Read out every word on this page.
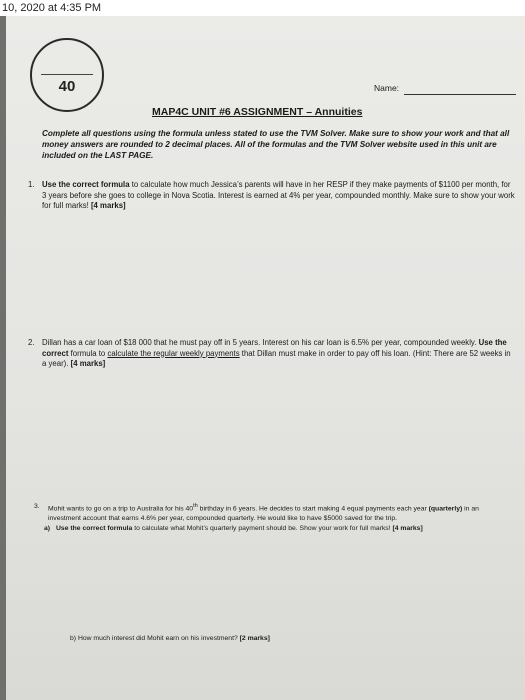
10, 2020 at 4:35 PM
40	Name:
MAP4C UNIT #6 ASSIGNMENT – Annuities
Complete all questions using the formula unless stated to use the TVM Solver. Make sure to show your work and that all money answers are rounded to 2 decimal places. All of the formulas and the TVM Solver website used in this unit are included on the LAST PAGE.
1. Use the correct formula to calculate how much Jessica’s parents will have in her RESP if they make payments of $1100 per month, for 3 years before she goes to college in Nova Scotia. Interest is earned at 4% per year, compounded monthly. Make sure to show your work for full marks! [4 marks]
2. Dillan has a car loan of $18 000 that he must pay off in 5 years. Interest on his car loan is 6.5% per year, compounded weekly. Use the correct formula to calculate the regular weekly payments that Dillan must make in order to pay off his loan. (Hint: There are 52 weeks in a year). [4 marks]
3. Mohit wants to go on a trip to Australia for his 40th birthday in 6 years. He decides to start making 4 equal payments each year (quarterly) in an investment account that earns 4.6% per year, compounded quarterly. He would like to have $5000 saved for the trip.
a) Use the correct formula to calculate what Mohit’s quarterly payment should be. Show your work for full marks! [4 marks]
b) How much interest did Mohit earn on his investment? [2 marks]
